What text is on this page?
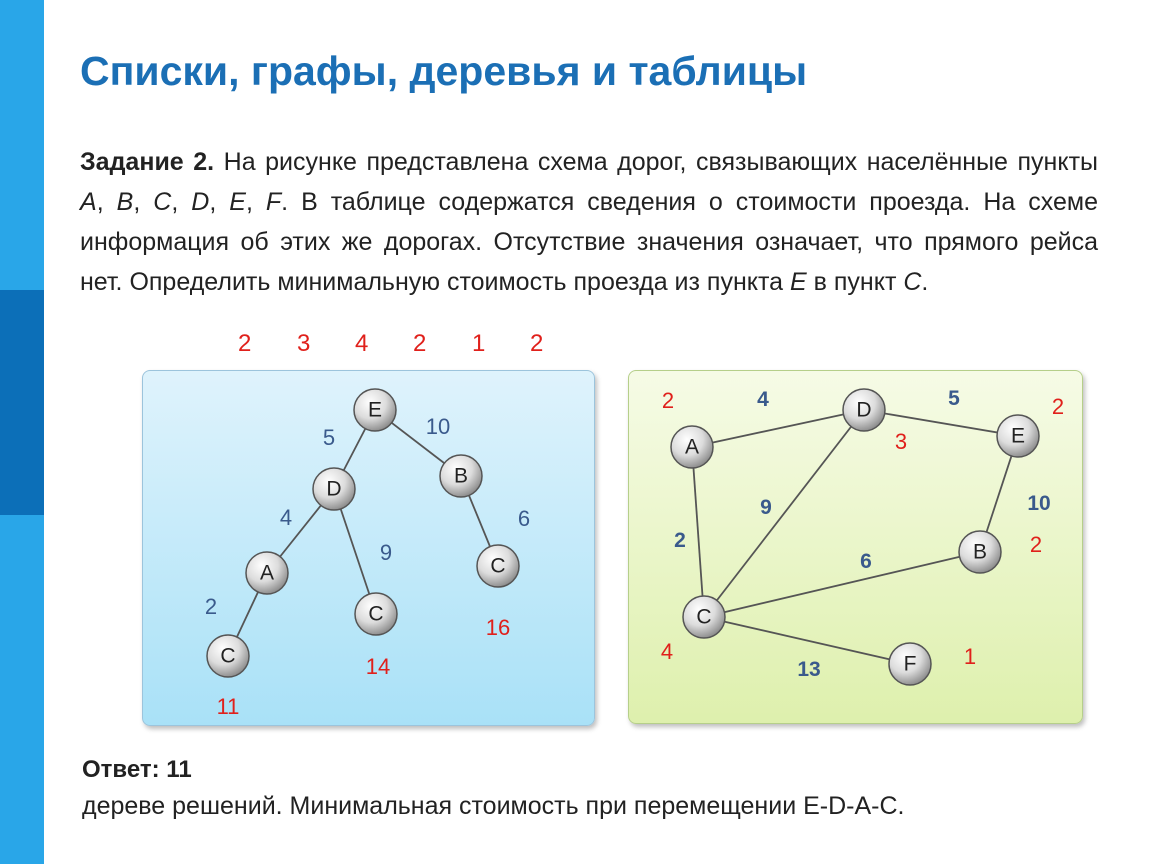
Списки, графы, деревья и таблицы

Задание 2. На рисунке представлена схема дорог, связывающих населённые пункты A, B, C, D, E, F. В таблице содержатся сведения о стоимости проезда. На схеме информация об этих же дорогах. Отсутствие значения означает, что прямого рейса нет. Определить минимальную стоимость проезда из пункта E в пункт C.

2 3 4 2 1 2
E
D
B
A
C
C
C
5	10
4
9
6
2
11
14
16
A
D
E
B
C
F
4	5
9	10
2
6
13
2
3
2
2
4	1

Ответ: 11

дереве решений. Минимальная стоимость при перемещении E-D-A-C.
